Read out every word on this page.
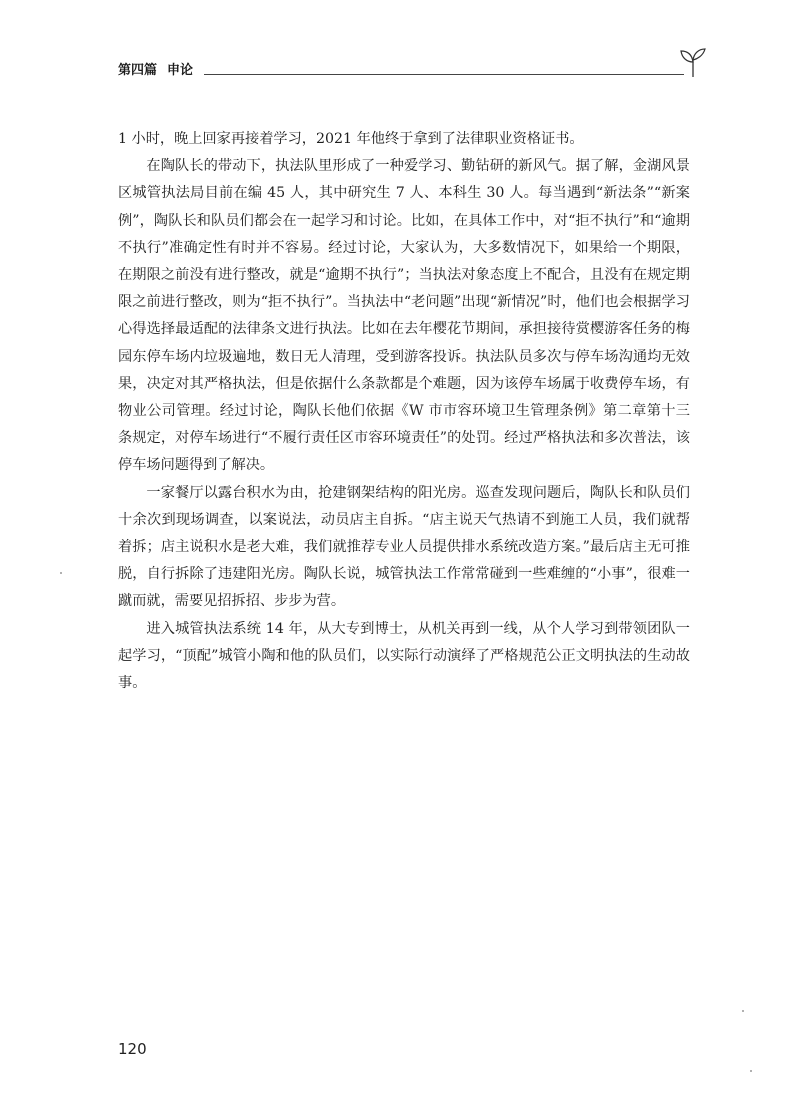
第四篇 申论

1 小时，晚上回家再接着学习，2021 年他终于拿到了法律职业资格证书。

在陶队长的带动下，执法队里形成了一种爱学习、勤钻研的新风气。据了解，金湖风景区城管执法局目前在编 45 人，其中研究生 7 人、本科生 30 人。每当遇到“新法条”“新案例”，陶队长和队员们都会在一起学习和讨论。比如，在具体工作中，对“拒不执行”和“逾期不执行”准确定性有时并不容易。经过讨论，大家认为，大多数情况下，如果给一个期限，在期限之前没有进行整改，就是“逾期不执行”；当执法对象态度上不配合，且没有在规定期限之前进行整改，则为“拒不执行”。当执法中“老问题”出现“新情况”时，他们也会根据学习心得选择最适配的法律条文进行执法。比如在去年樱花节期间，承担接待赏樱游客任务的梅园东停车场内垃圾遍地，数日无人清理，受到游客投诉。执法队员多次与停车场沟通均无效果，决定对其严格执法，但是依据什么条款都是个难题，因为该停车场属于收费停车场，有物业公司管理。经过讨论，陶队长他们依据《W 市市容环境卫生管理条例》第二章第十三条规定，对停车场进行“不履行责任区市容环境责任”的处罚。经过严格执法和多次普法，该停车场问题得到了解决。

一家餐厅以露台积水为由，抢建钢架结构的阳光房。巡查发现问题后，陶队长和队员们十余次到现场调查，以案说法，动员店主自拆。“店主说天气热请不到施工人员，我们就帮着拆；店主说积水是老大难，我们就推荐专业人员提供排水系统改造方案。”最后店主无可推脱，自行拆除了违建阳光房。陶队长说，城管执法工作常常碰到一些难缠的“小事”，很难一蹴而就，需要见招拆招、步步为营。

进入城管执法系统 14 年，从大专到博士，从机关再到一线，从个人学习到带领团队一起学习，“顶配”城管小陶和他的队员们，以实际行动演绎了严格规范公正文明执法的生动故事。

120
